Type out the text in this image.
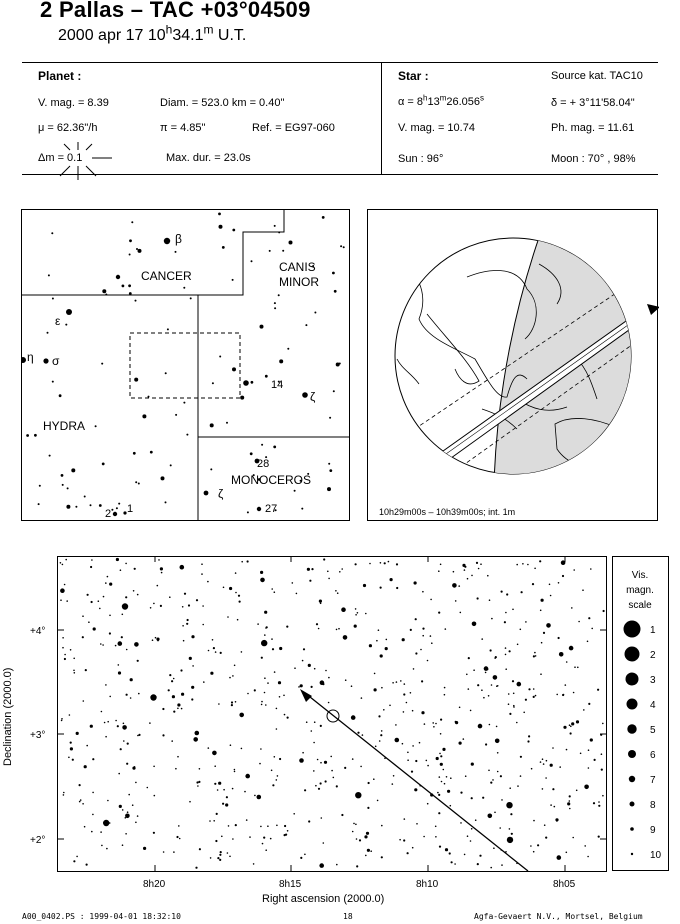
2 Pallas – TAC +03°04509
2000 apr 17 10$^h$34.1$^m$ U.T.
Planet :
V. mag. = 8.39	Diam. = 523.0 km = 0.40"
μ = 62.36"/h	π = 4.85"	Ref. = EG97-060
Δm = 0.1	Max. dur. = 23.0s
Star :	Source kat. TAC10
$\alpha = 8^h13^m26.056^s$	δ = + 3°11'58.04"
V. mag. = 10.74	Ph. mag. = 11.61
Sun : 96°	Moon : 70° , 98%
CANCER
CANIS
MINOR
HYDRA
MONOCEROS
β
ε
η σ
14
ζ
28
ζ
27
2 1	10h29m00s – 10h39m00s; int. 1m
+4°
+3°
+2°
8h20	8h15	8h10	8h05
Right ascension (2000.0)
Declination (2000.0)
Vis.
magn.
scale
1
2
3
4
5
6
7
8
9
10
A00_0402.PS : 1999-04-01 18:32:10	18	Agfa-Gevaert N.V., Mortsel, Belgium
